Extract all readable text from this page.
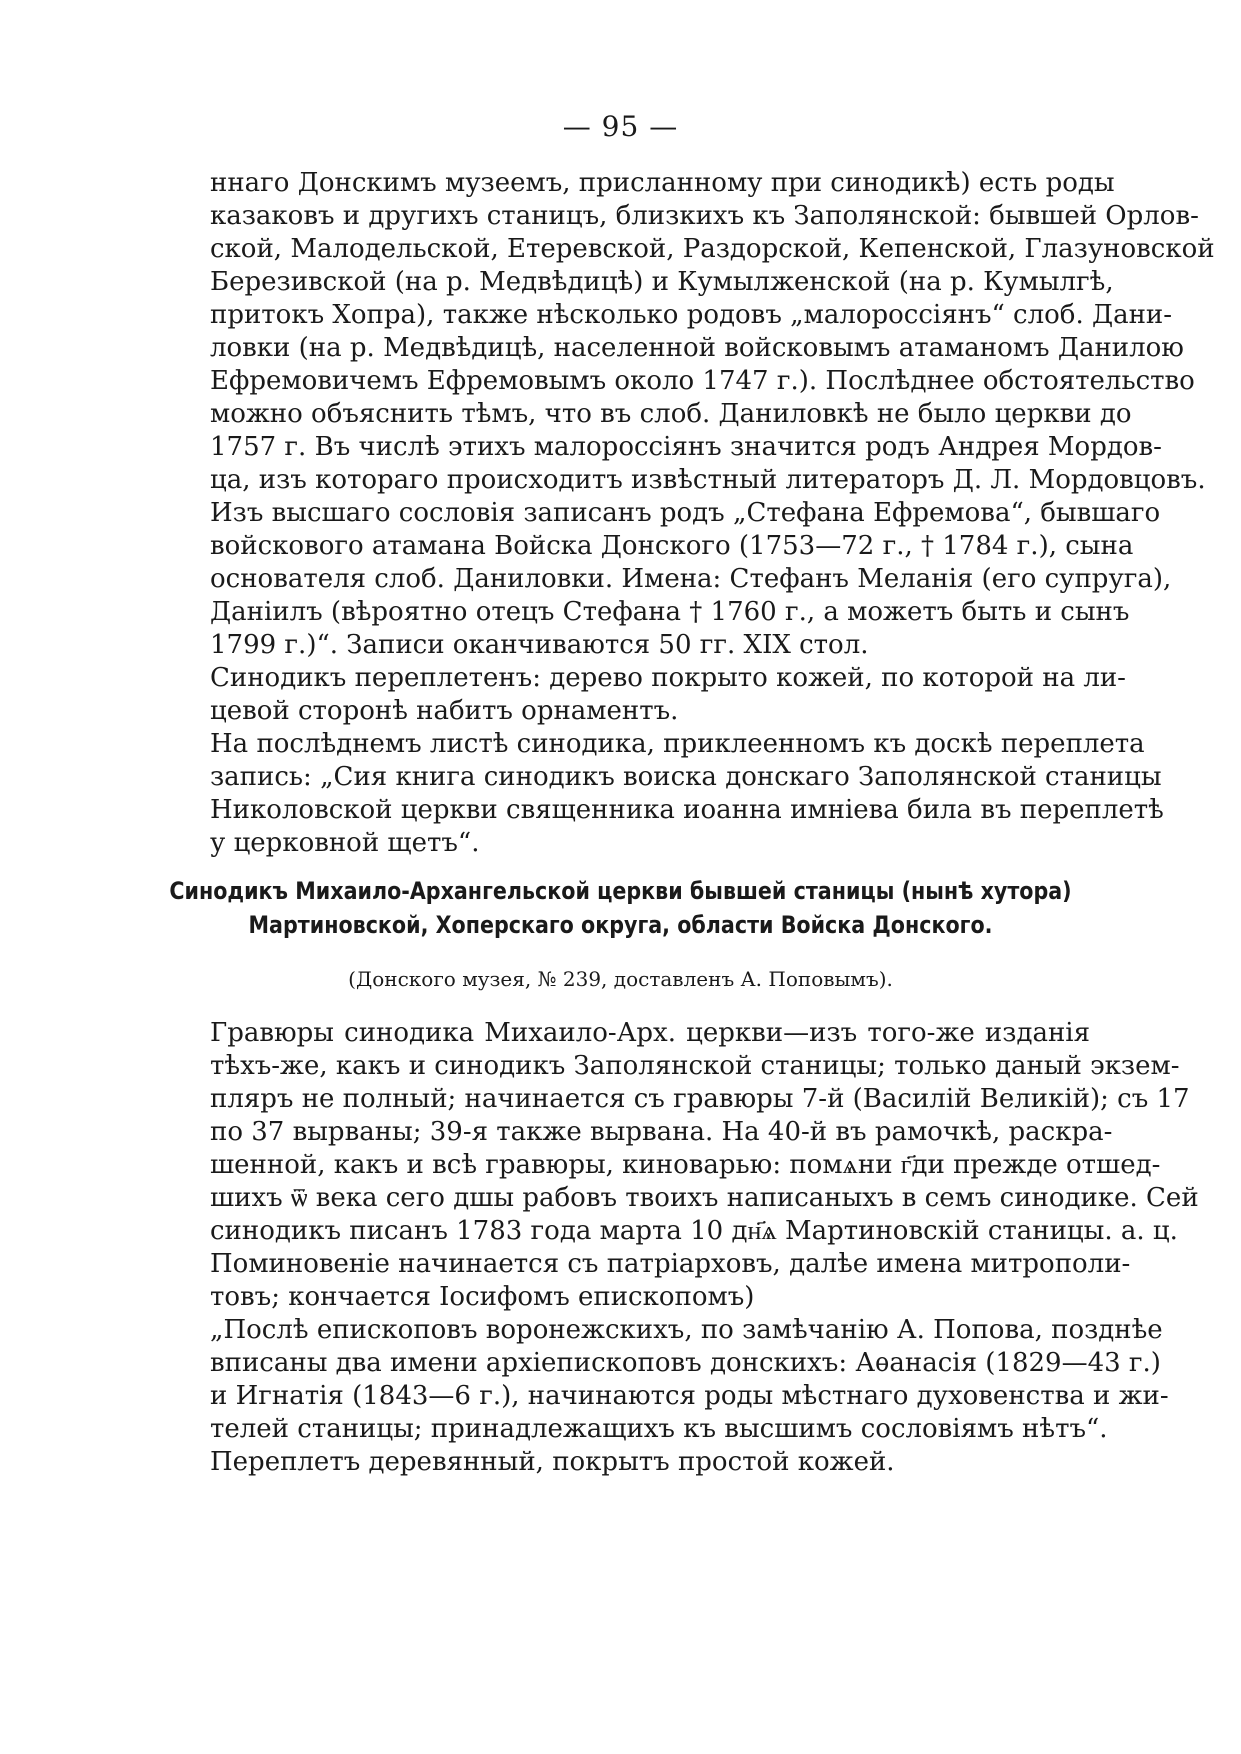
— 95 —
ннаго Донскимъ музеемъ, присланному при синодикѣ) есть роды
казаковъ и другихъ станицъ, близкихъ къ Заполянской: бывшей Орлов-
ской, Малодельской, Етеревской, Раздорской, Кепенской, Глазуновской
Березивской (на р. Медвѣдицѣ) и Кумылженской (на р. Кумылгѣ,
притокъ Хопра), также нѣсколько родовъ „малороссіянъ“ слоб. Дани-
ловки (на р. Медвѣдицѣ, населенной войсковымъ атаманомъ Данилою
Ефремовичемъ Ефремовымъ около 1747 г.). Послѣднее обстоятельство
можно объяснить тѣмъ, что въ слоб. Даниловкѣ не было церкви до
1757 г. Въ числѣ этихъ малороссіянъ значится родъ Андрея Мордов-
ца, изъ котораго происходитъ извѣстный литераторъ Д. Л. Мордовцовъ.
Изъ высшаго сословія записанъ родъ „Стефана Ефремова“, бывшаго
войскового атамана Войска Донского (1753—72 г., † 1784 г.), сына
основателя слоб. Даниловки. Имена: Стефанъ Меланія (его супруга),
Даніилъ (вѣроятно отецъ Стефана † 1760 г., а можетъ быть и сынъ
1799 г.)“. Записи оканчиваются 50 гг. XIX стол.
Синодикъ переплетенъ: дерево покрыто кожей, по которой на ли-
цевой сторонѣ набитъ орнаментъ.
На послѣднемъ листѣ синодика, приклеенномъ къ доскѣ переплета
запись: „Сия книга синодикъ воиска донскаго Заполянской станицы
Николовской церкви священника иоанна имніева била въ переплетѣ
у церковной щетъ“.
Синодикъ Михаило-Архангельской церкви бывшей станицы (нынѣ хутора)
Мартиновской, Хоперскаго округа, области Войска Донского.
(Донского музея, № 239, доставленъ А. Поповымъ).
Гравюры синодика Михаило-Арх. церкви—изъ того-же изданія
тѣхъ-же, какъ и синодикъ Заполянской станицы; только даный экзем-
пляръ не полный; начинается съ гравюры 7-й (Василій Великій); съ 17
по 37 вырваны; 39-я также вырвана. На 40-й въ рамочкѣ, раскра-
шенной, какъ и всѣ гравюры, киноварью: помѧни г҃ди прежде отшед-
шихъ ѿ века сего дшы рабовъ твоихъ написаныхъ в семъ синодике. Сей
синодикъ писанъ 1783 года марта 10 дн҃ѧ Мартиновскій станицы. а. ц.
Поминовеніе начинается съ патріарховъ, далѣе имена митрополи-
товъ; кончается Іосифомъ епископомъ)
„Послѣ епископовъ воронежскихъ, по замѣчанію А. Попова, позднѣе
вписаны два имени архіепископовъ донскихъ: Аѳанасія (1829—43 г.)
и Игнатія (1843—6 г.), начинаются роды мѣстнаго духовенства и жи-
телей станицы; принадлежащихъ къ высшимъ сословіямъ нѣтъ“.
Переплетъ деревянный, покрытъ простой кожей.
